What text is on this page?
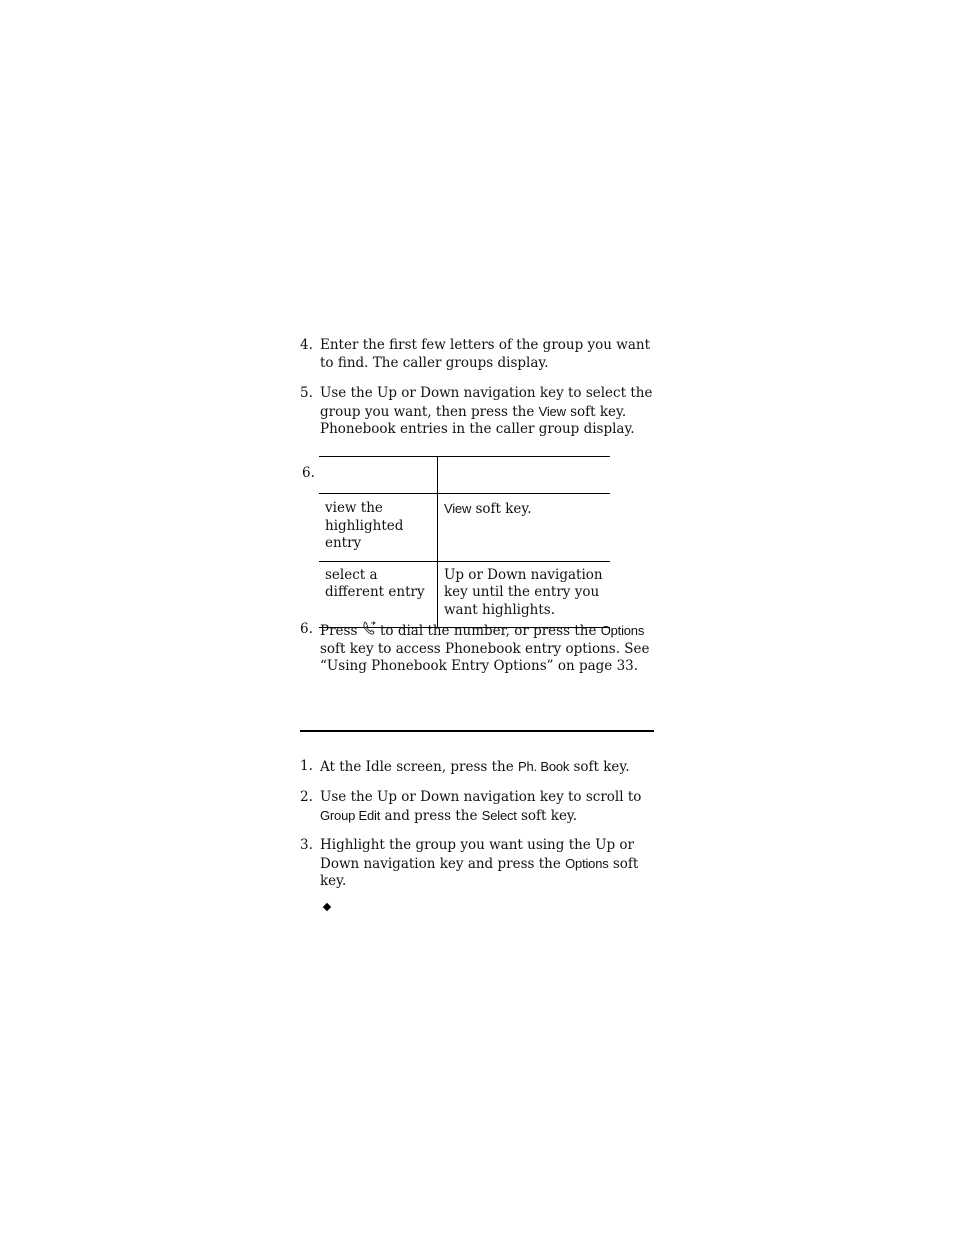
4. Enter the first few letters of the group you want to find. The caller groups display.
5. Use the Up or Down navigation key to select the group you want, then press the View soft key. Phonebook entries in the caller group display.
6.

view the highlighted entry	View soft key.
select a different entry	Up or Down navigation key until the entry you want highlights.
6. Press  to dial the number, or press the Options soft key to access Phonebook entry options. See “Using Phonebook Entry Options” on page 33.
1. At the Idle screen, press the Ph. Book soft key.
2. Use the Up or Down navigation key to scroll to Group Edit and press the Select soft key.
3. Highlight the group you want using the Up or Down navigation key and press the Options soft key.
